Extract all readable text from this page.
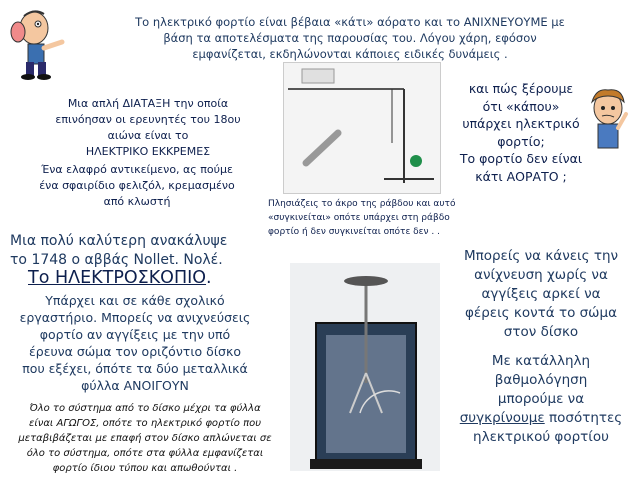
Το ηλεκτρικό φορτίο είναι βέβαια «κάτι» αόρατο και το ΑΝΙΧΝΕΥΟΥΜΕ με
βάση τα αποτελέσματα της παρουσίας του. Λόγου χάρη, εφόσον
εμφανίζεται, εκδηλώνονται κάποιες ειδικές δυνάμεις .
Μια απλή ΔΙΑΤΑΞΗ την οποία
επινόησαν οι ερευνητές του 18ου
αιώνα είναι το
ΗΛΕΚΤΡΙΚΟ ΕΚΚΡΕΜΕΣ
Ένα ελαφρό αντικείμενο, ας πούμε
ένα σφαιρίδιο φελιζόλ, κρεμασμένο
από κλωστή
Μια πολύ καλύτερη ανακάλυψε
το 1748 ο αββάς Nollet. Νολέ.
Το ΗΛΕΚΤΡΟΣΚΟΠΙΟ.
Υπάρχει και σε κάθε σχολικό
εργαστήριο. Μπορείς να ανιχνεύσεις
φορτίο αν αγγίξεις με την υπό
έρευνα σώμα τον οριζόντιο δίσκο
που εξέχει, όπότε τα δύο μεταλλικά
φύλλα ΑΝΟΙΓΟΥΝ
Όλο το σύστημα από το δίσκο μέχρι τα φύλλα
είναι ΑΓΩΓΟΣ, οπότε το ηλεκτρικό φορτίο που
μεταβιβάζεται με επαφή στον δίσκο απλώνεται σε
όλο το σύστημα, οπότε στα φύλλα εμφανίζεται
φορτίο ίδιου τύπου και απωθούνται .
και πώς ξέρουμε
ότι «κάπου»
υπάρχει ηλεκτρικό
φορτίο;
Το φορτίο δεν είναι
κάτι ΑΟΡΑΤΟ ;
Πλησιάζεις το άκρο της ράβδου και αυτό
«συγκινείται» οπότε υπάρχει στη ράβδο
φορτίο ή δεν συγκινείται οπότε δεν . .
Μπορείς να κάνεις την
ανίχνευση χωρίς να
αγγίξεις αρκεί να
φέρεις κοντά το σώμα
στον δίσκο
Με κατάλληλη
βαθμολόγηση
μπορούμε να
συγκρίνουμε ποσότητες
ηλεκτρικού φορτίου
